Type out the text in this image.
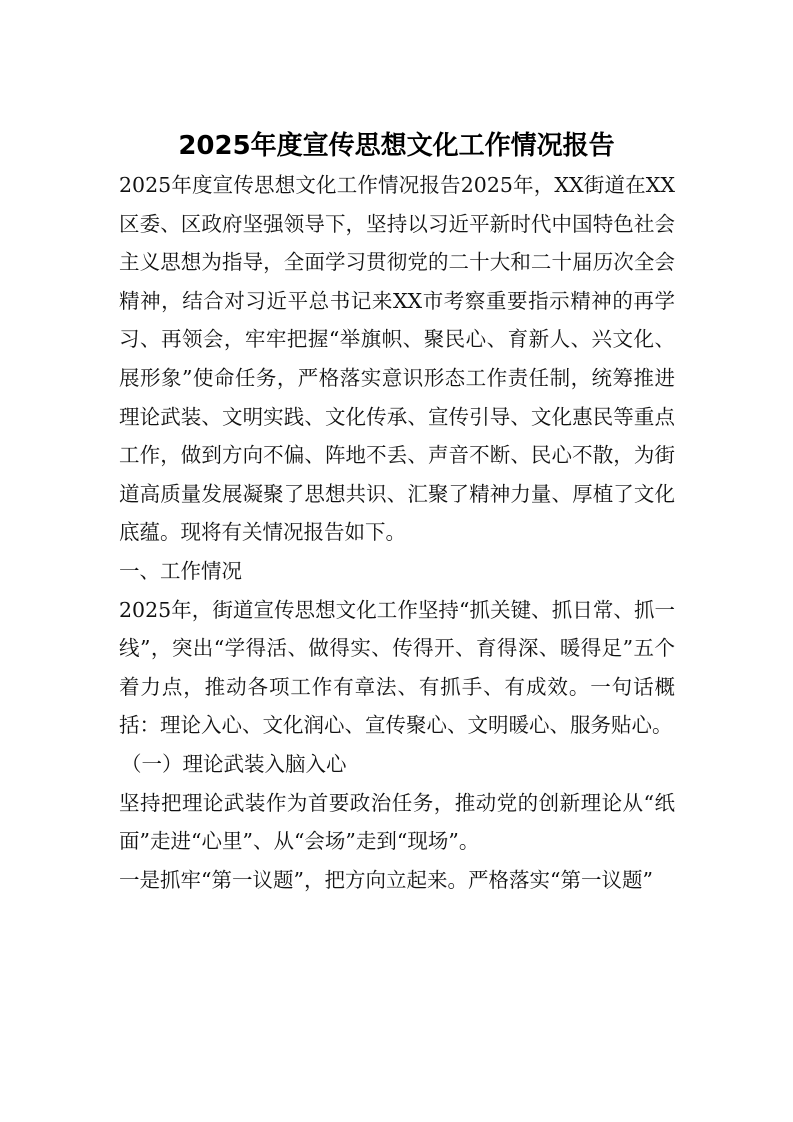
2025年度宣传思想文化工作情况报告

2025年度宣传思想文化工作情况报告2025年，XX街道在XX区委、区政府坚强领导下，坚持以习近平新时代中国特色社会主义思想为指导，全面学习贯彻党的二十大和二十届历次全会精神，结合对习近平总书记来XX市考察重要指示精神的再学习、再领会，牢牢把握“举旗帜、聚民心、育新人、兴文化、展形象”使命任务，严格落实意识形态工作责任制，统筹推进理论武装、文明实践、文化传承、宣传引导、文化惠民等重点工作，做到方向不偏、阵地不丢、声音不断、民心不散，为街道高质量发展凝聚了思想共识、汇聚了精神力量、厚植了文化底蕴。现将有关情况报告如下。

一、工作情况

2025年，街道宣传思想文化工作坚持“抓关键、抓日常、抓一线”，突出“学得活、做得实、传得开、育得深、暖得足”五个着力点，推动各项工作有章法、有抓手、有成效。一句话概括：理论入心、文化润心、宣传聚心、文明暖心、服务贴心。

（一）理论武装入脑入心

坚持把理论武装作为首要政治任务，推动党的创新理论从“纸面”走进“心里”、从“会场”走到“现场”。

一是抓牢“第一议题”，把方向立起来。严格落实“第一议题”
